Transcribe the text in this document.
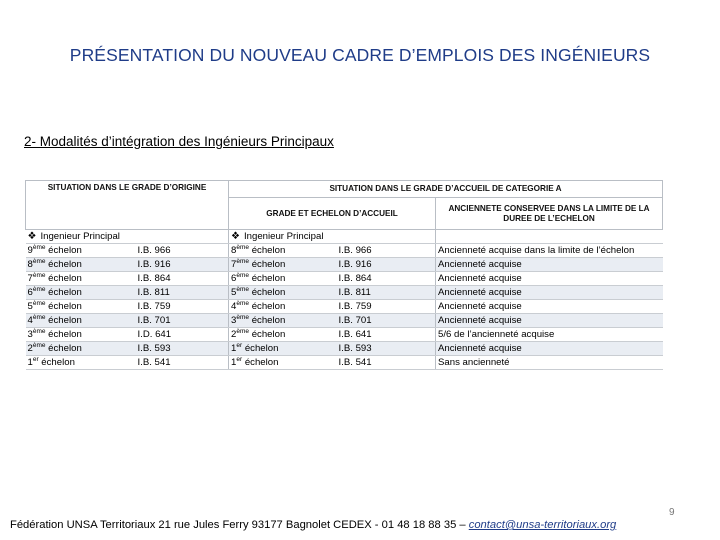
PRÉSENTATION DU NOUVEAU CADRE D’EMPLOIS DES INGÉNIEURS
2- Modalités d’intégration des Ingénieurs Principaux
SITUATION DANS LE GRADE D’ORIGINE		SITUATION DANS LE GRADE D’ACCUEIL DE CATEGORIE A		
		GRADE ET ECHELON D’ACCUEIL		ANCIENNETE CONSERVEE DANS LA LIMITE DE LA DUREE DE L’ECHELON
❖ Ingenieur Principal		❖ Ingenieur Principal		
9ème échelon	I.B. 966	8ème échelon	I.B. 966	Ancienneté acquise dans la limite de l’échelon
8ème échelon	I.B. 916	7ème échelon	I.B. 916	Ancienneté acquise
7ème échelon	I.B. 864	6ème échelon	I.B. 864	Ancienneté acquise
6ème échelon	I.B. 811	5ème échelon	I.B. 811	Ancienneté acquise
5ème échelon	I.B. 759	4ème échelon	I.B. 759	Ancienneté acquise
4ème échelon	I.B. 701	3ème échelon	I.B. 701	Ancienneté acquise
3ème échelon	I.D. 641	2ème échelon	I.B. 641	5/6 de l’ancienneté acquise
2ème échelon	I.B. 593	1er échelon	I.B. 593	Ancienneté acquise
1er échelon	I.B. 541	1er échelon	I.B. 541	Sans ancienneté
9
Fédération UNSA Territoriaux 21 rue Jules Ferry 93177 Bagnolet CEDEX - 01 48 18 88 35 – contact@unsa-territoriaux.org
